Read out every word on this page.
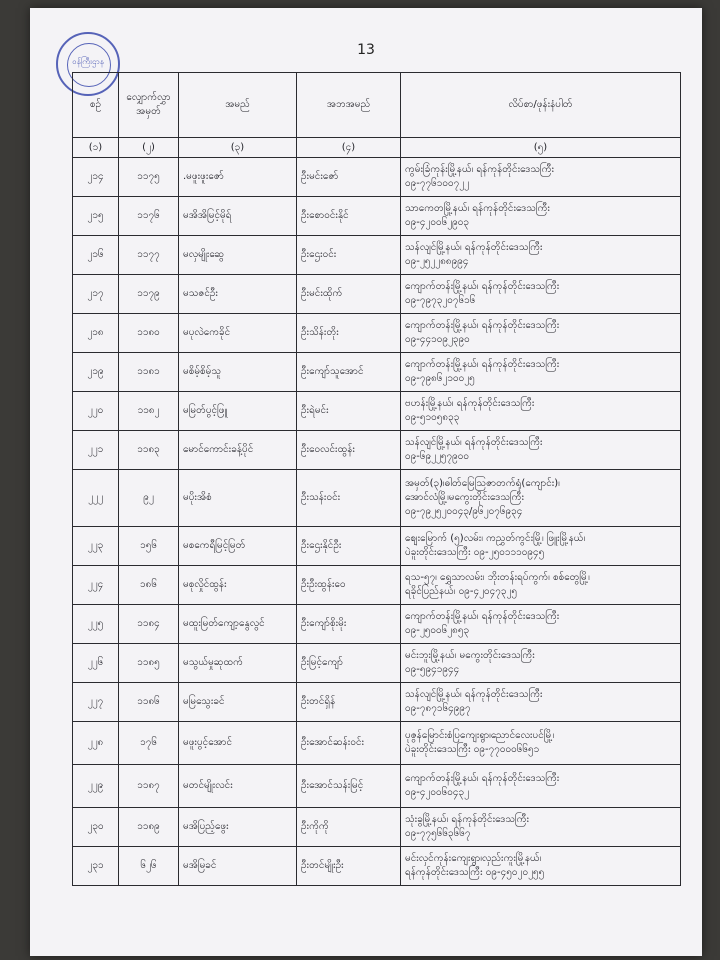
ဝန်ကြီးဌာန
13
စဉ်	လျှောက်လွှာ အမှတ်	အမည်	အဘအမည်	လိပ်စာ/ဖုန်းနံပါတ်
(၁)	(၂)	(၃)	(၄)	(၅)
၂၁၄	၁၁၇၅	.မဖူးဖူးဇော်	ဦးမင်းဇော်	ကွမ်းခြံကုန်းမြို့နယ်၊ ရန်ကုန်တိုင်းဒေသကြီး
၀၉-၇၇၆၁၀၀၇၂၂

၂၁၅	၁၁၇၆	မအိအိမြင့်မိုရ်	ဦးစောဝင်းနိုင်	သာကေတမြို့နယ်၊ ရန်ကုန်တိုင်းဒေသကြီး
၀၉-၄၂၀၀၆၂၉၀၃

၂၁၆	၁၁၇၇	မလှမျိုးဆွေ	ဦးဌေးဝင်း	သန်လျင်မြို့နယ်၊ ရန်ကုန်တိုင်းဒေသကြီး
၀၉-၂၅၂၂၈၈၉၉၄

၂၁၇	၁၁၇၉	မသဇင်ဦး	ဦးမင်းထိုက်	ကျောက်တန်းမြို့နယ်၊ ရန်ကုန်တိုင်းဒေသကြီး
၀၉-၇၉၇၃၂၀၇၆၁၆

၂၁၈	၁၁၈၀	မပုလဲကေခိုင်	ဦးသိန်းတိုး	ကျောက်တန်းမြို့နယ်၊ ရန်ကုန်တိုင်းဒေသကြီး
၀၉-၄၄၁၀၉၂၃၉၀

၂၁၉	၁၁၈၁	မစိမ့်စိမ့်သူ	ဦးကျော်သူအောင်	ကျောက်တန်းမြို့နယ်၊ ရန်ကုန်တိုင်းဒေသကြီး
၀၉-၇၉၈၆၂၁၀၀၂၅

၂၂၀	၁၁၈၂	မမြတ်ပွင့်ဖြူ	ဦးရဲမင်း	ဗဟန်းမြို့နယ်၊ ရန်ကုန်တိုင်းဒေသကြီး
၀၉-၅၁၀၅၈၃၃

၂၂၁	၁၁၈၃	မောင်ကောင်းခန့်ပိုင်	ဦးဝေလင်းထွန်း	သန်လျင်မြို့နယ်၊ ရန်ကုန်တိုင်းဒေသကြီး
၀၉-၆၉၂၂၅၇၉၀၀

၂၂၂	၉၂	မပိုးအိစံ	ဦးသန်းဝင်း	အမှတ်(၃)၊ဓါတ်မြေဩဇာတက်ရုံ(ကျောင်း)၊
အောင်လံမြို့၊မကွေးတိုင်းဒေသကြီး
၀၉-၇၉၂၅၂၀၀၄၃/၉၆၂၀၇၆၉၃၄

၂၂၃	၁၅၆	မစကေရီမြင့်မြတ်	ဦးဌေးနိုင်ဦး	စျေးမြောက် (၅)လမ်း၊ ကညွှတ်ကွင်းမြို့၊ ဖြူးမြို့နယ်၊
ပဲခူးတိုင်းဒေသကြီး ၀၉-၂၅၀၁၁၁၀၉၄၅

၂၂၄	၁၈၆	မစုလှိုင်ထွန်း	ဦးဦးထွန်းဝေ	ရသ-၅၇၊ ရွှေသာလမ်း၊ ဘိုးတန်းရပ်ကွက်၊ စစ်တွေမြို့၊
ရခိုင်ပြည်နယ်၊ ၀၉-၄၂၀၄၇၃၂၅

၂၂၅	၁၁၈၄	မထူးမြတ်ကျော့နွေလွင်	ဦးကျော်စိုးမိုး	ကျောက်တန်းမြို့နယ်၊ ရန်ကုန်တိုင်းဒေသကြီး
၀၉-၂၅၀၀၆၂၈၅၃

၂၂၆	၁၁၈၅	မသွယ်မှုဆုထက်	ဦးမြင့်ကျော်	မင်းဘူးမြို့နယ်၊ မကွေးတိုင်းဒေသကြီး
၀၉-၅၉၄၁၉၄၄

၂၂၇	၁၁၈၆	မမြသွေးခင်	ဦးတင်ရှိန်	သန်လျင်မြို့နယ်၊ ရန်ကုန်တိုင်းဒေသကြီး
၀၉-၇၈၇၁၆၄၉၉၇

၂၂၈	၁၇၆	မဖူးပွင့်အောင်	ဦးအောင်ဆန်းဝင်း	ပုဇွန်မြောင်းစံပြကျေးရွာ၊ညောင်လေးပင်မြို့၊
ပဲခူးတိုင်းဒေသကြီး ၀၉-၇၇၀၀၀၆၆၅၁

၂၂၉	၁၁၈၇	မတင်မျိုးလင်း	ဦးအောင်သန်းမြင့်	ကျောက်တန်းမြို့နယ်၊ ရန်ကုန်တိုင်းဒေသကြီး
၀၉-၄၂၀၀၆၀၄၃၂

၂၃၀	၁၁၈၉	မအိပြည့်ဖွေး	ဦးကိုကို	သုံးခွမြို့နယ်၊ ရန်ကုန်တိုင်းဒေသကြီး
၀၉-၇၇၅၆၆၃၆၆၇

၂၃၁	၆၂၆	မအိမြခင်	ဦးတင်မျိုးဦး	မင်းလှင်ကုန်းကျေးရွာ၊လှည်းကူးမြို့နယ်၊
ရန်ကုန်တိုင်းဒေသကြီး ၀၉-၄၅၀၂၀၂၅၅
